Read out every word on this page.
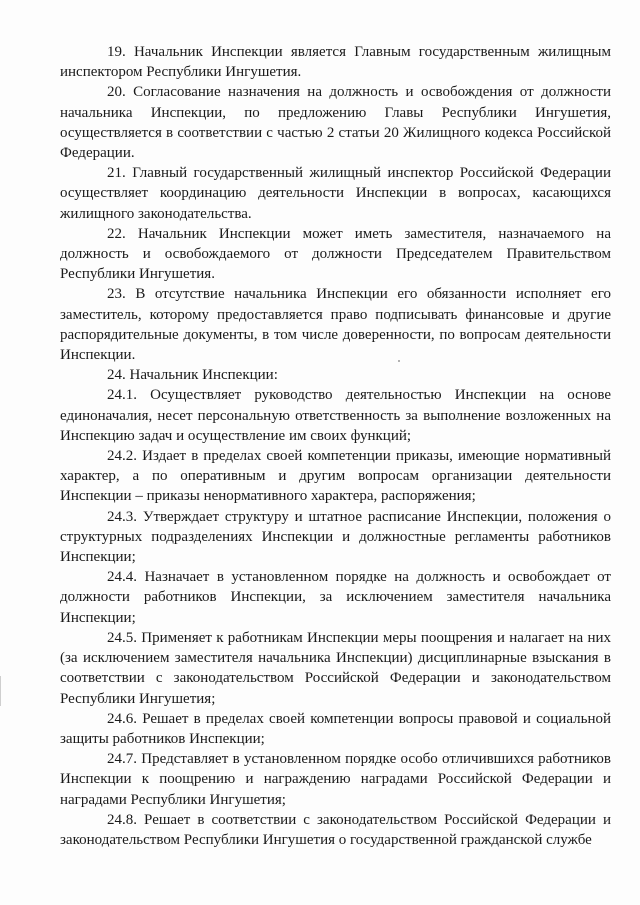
19. Начальник Инспекции является Главным государственным жилищным инспектором Республики Ингушетия.

20. Согласование назначения на должность и освобождения от должности начальника Инспекции, по предложению Главы Республики Ингушетия, осуществляется в соответствии с частью 2 статьи 20 Жилищного кодекса Российской Федерации.

21. Главный государственный жилищный инспектор Российской Федерации осуществляет координацию деятельности Инспекции в вопросах, касающихся жилищного законодательства.

22. Начальник Инспекции может иметь заместителя, назначаемого на должность и освобождаемого от должности Председателем Правительством Республики Ингушетия.

23. В отсутствие начальника Инспекции его обязанности исполняет его заместитель, которому предоставляется право подписывать финансовые и другие распорядительные документы, в том числе доверенности, по вопросам деятельности Инспекции.

24. Начальник Инспекции:

24.1. Осуществляет руководство деятельностью Инспекции на основе единоначалия, несет персональную ответственность за выполнение возложенных на Инспекцию задач и осуществление им своих функций;

24.2. Издает в пределах своей компетенции приказы, имеющие нормативный характер, а по оперативным и другим вопросам организации деятельности Инспекции – приказы ненормативного характера, распоряжения;

24.3. Утверждает структуру и штатное расписание Инспекции, положения о структурных подразделениях Инспекции и должностные регламенты работников Инспекции;

24.4. Назначает в установленном порядке на должность и освобождает от должности работников Инспекции, за исключением заместителя начальника Инспекции;

24.5. Применяет к работникам Инспекции меры поощрения и налагает на них (за исключением заместителя начальника Инспекции) дисциплинарные взыскания в соответствии с законодательством Российской Федерации и законодательством Республики Ингушетия;

24.6. Решает в пределах своей компетенции вопросы правовой и социальной защиты работников Инспекции;

24.7. Представляет в установленном порядке особо отличившихся работников Инспекции к поощрению и награждению наградами Российской Федерации и наградами Республики Ингушетия;

24.8. Решает в соответствии с законодательством Российской Федерации и законодательством Республики Ингушетия о государственной гражданской службе
